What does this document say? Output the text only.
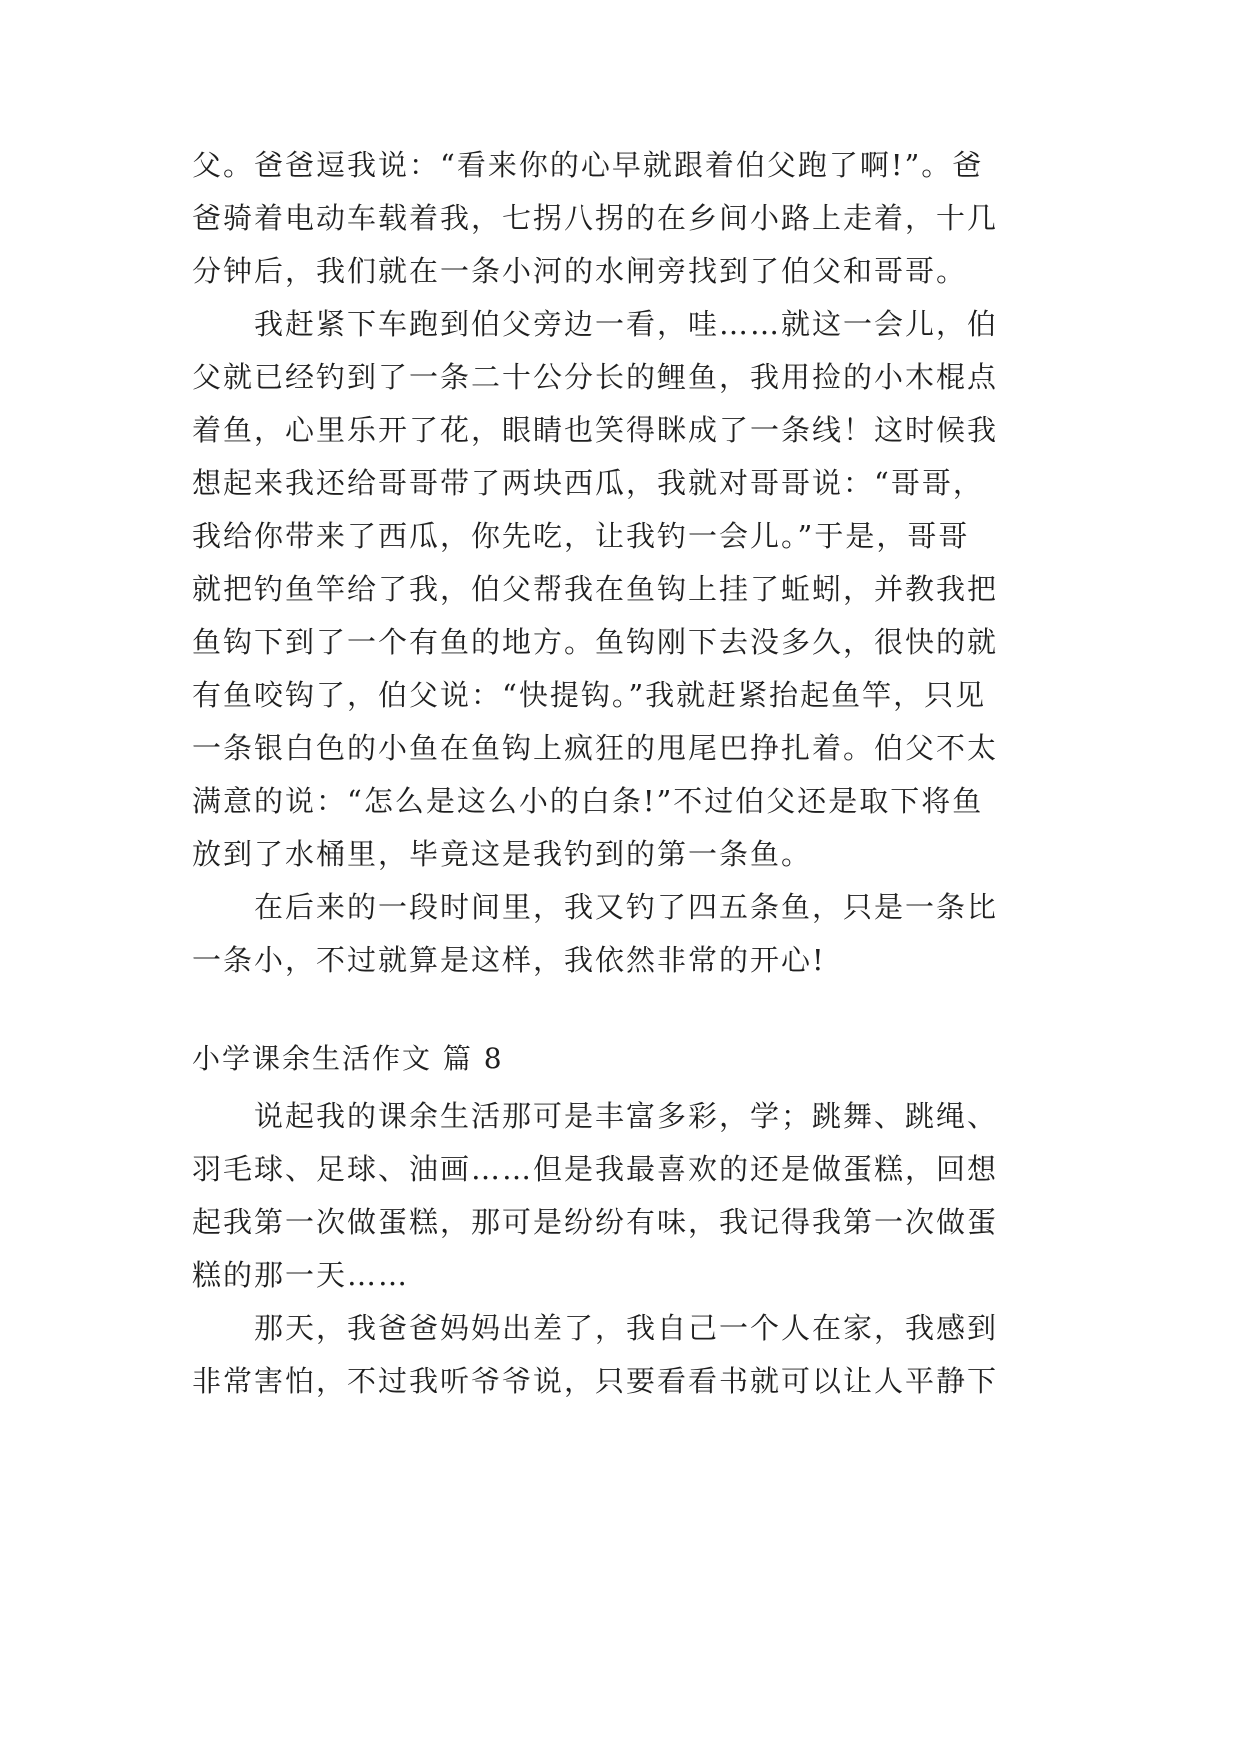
父。爸爸逗我说：“看来你的心早就跟着伯父跑了啊!”。爸
爸骑着电动车载着我，七拐八拐的在乡间小路上走着，十几
分钟后，我们就在一条小河的水闸旁找到了伯父和哥哥。
　　我赶紧下车跑到伯父旁边一看，哇……就这一会儿，伯
父就已经钓到了一条二十公分长的鲤鱼，我用捡的小木棍点
着鱼，心里乐开了花，眼睛也笑得眯成了一条线！这时候我
想起来我还给哥哥带了两块西瓜，我就对哥哥说：“哥哥，
我给你带来了西瓜，你先吃，让我钓一会儿。”于是，哥哥
就把钓鱼竿给了我，伯父帮我在鱼钩上挂了蚯蚓，并教我把
鱼钩下到了一个有鱼的地方。鱼钩刚下去没多久，很快的就
有鱼咬钩了，伯父说：“快提钩。”我就赶紧抬起鱼竿，只见
一条银白色的小鱼在鱼钩上疯狂的甩尾巴挣扎着。伯父不太
满意的说：“怎么是这么小的白条!”不过伯父还是取下将鱼
放到了水桶里，毕竟这是我钓到的第一条鱼。
　　在后来的一段时间里，我又钓了四五条鱼，只是一条比
一条小，不过就算是这样，我依然非常的开心!
小学课余生活作文 篇 8
　　说起我的课余生活那可是丰富多彩，学；跳舞、跳绳、
羽毛球、足球、油画……但是我最喜欢的还是做蛋糕，回想
起我第一次做蛋糕，那可是纷纷有味，我记得我第一次做蛋
糕的那一天……
　　那天，我爸爸妈妈出差了，我自己一个人在家，我感到
非常害怕，不过我听爷爷说，只要看看书就可以让人平静下
